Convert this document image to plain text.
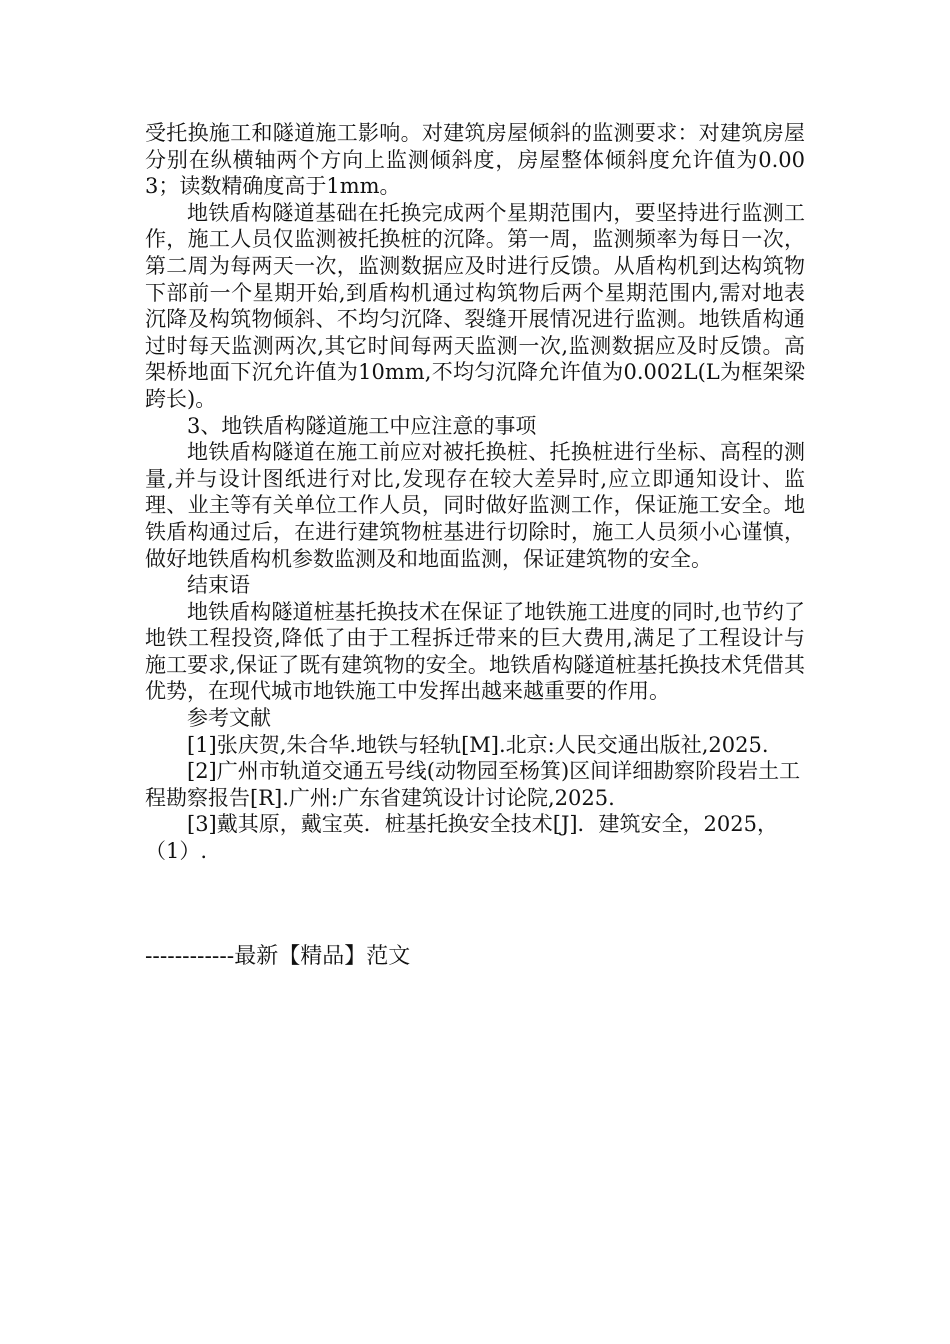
受托换施工和隧道施工影响。对建筑房屋倾斜的监测要求：对建筑房屋分别在纵横轴两个方向上监测倾斜度，房屋整体倾斜度允许值为0.003；读数精确度高于1mm。

地铁盾构隧道基础在托换完成两个星期范围内，要坚持进行监测工作，施工人员仅监测被托换桩的沉降。第一周，监测频率为每日一次，第二周为每两天一次，监测数据应及时进行反馈。从盾构机到达构筑物下部前一个星期开始,到盾构机通过构筑物后两个星期范围内,需对地表沉降及构筑物倾斜、不均匀沉降、裂缝开展情况进行监测。地铁盾构通过时每天监测两次,其它时间每两天监测一次,监测数据应及时反馈。高架桥地面下沉允许值为10mm,不均匀沉降允许值为0.002L(L为框架梁跨长)。

3、地铁盾构隧道施工中应注意的事项

地铁盾构隧道在施工前应对被托换桩、托换桩进行坐标、高程的测量,并与设计图纸进行对比,发现存在较大差异时,应立即通知设计、监理、业主等有关单位工作人员，同时做好监测工作，保证施工安全。地铁盾构通过后，在进行建筑物桩基进行切除时，施工人员须小心谨慎，做好地铁盾构机参数监测及和地面监测，保证建筑物的安全。

结束语

地铁盾构隧道桩基托换技术在保证了地铁施工进度的同时,也节约了地铁工程投资,降低了由于工程拆迁带来的巨大费用,满足了工程设计与施工要求,保证了既有建筑物的安全。地铁盾构隧道桩基托换技术凭借其优势，在现代城市地铁施工中发挥出越来越重要的作用。

参考文献

[1]张庆贺,朱合华.地铁与轻轨[M].北京:人民交通出版社,2025.

[2]广州市轨道交通五号线(动物园至杨箕)区间详细勘察阶段岩土工程勘察报告[R].广州:广东省建筑设计讨论院,2025.

[3]戴其原，戴宝英．桩基托换安全技术[J]．建筑安全，2025，（1）.

------------最新【精品】范文
